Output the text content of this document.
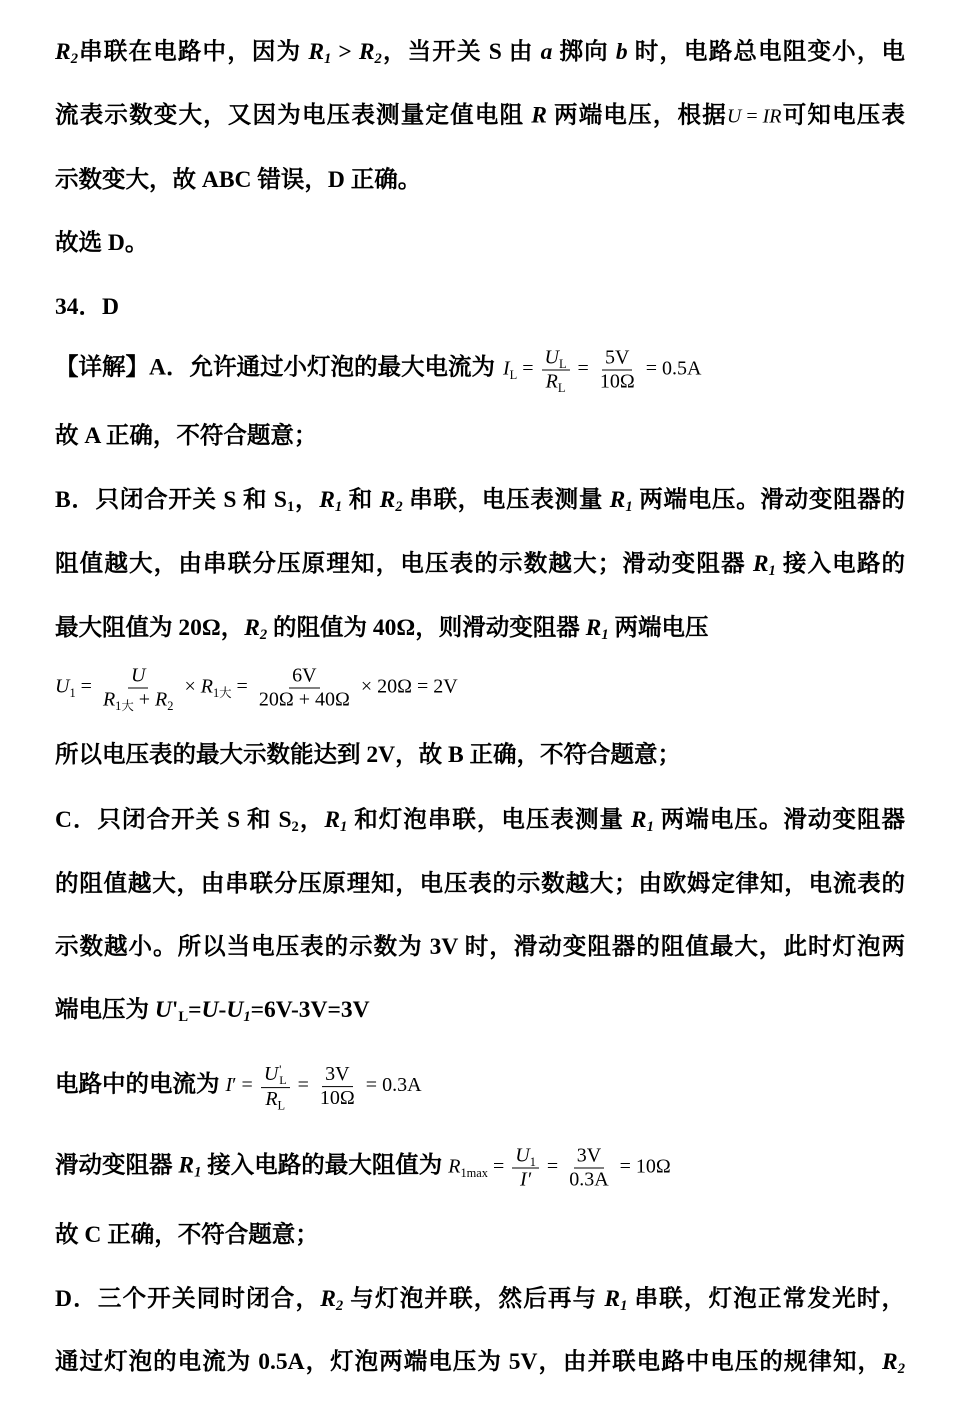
R2串联在电路中，因为 R1 > R2，当开关 S 由 a 掷向 b 时，电路总电阻变小，电
流表示数变大，又因为电压表测量定值电阻 R 两端电压，根据U = IR可知电压表
示数变大，故 ABC 错误，D 正确。
故选 D。
34．D
【详解】A．允许通过小灯泡的最大电流为 $I_L = \frac{U_L}{R_L} = \frac{5V}{10\Omega} = 0.5A$
故 A 正确，不符合题意；
B．只闭合开关 S 和 S1，R1 和 R2 串联，电压表测量 R1 两端电压。滑动变阻器的
阻值越大，由串联分压原理知，电压表的示数越大；滑动变阻器 R1 接入电路的
最大阻值为 20Ω，R2 的阻值为 40Ω，则滑动变阻器 R1 两端电压
$U_1 = \frac{U}{R_{1大} + R_2} \times R_{1大} = \frac{6V}{20\Omega + 40\Omega} \times 20\Omega = 2V$
所以电压表的最大示数能达到 2V，故 B 正确，不符合题意；
C．只闭合开关 S 和 S2，R1 和灯泡串联，电压表测量 R1 两端电压。滑动变阻器
的阻值越大，由串联分压原理知，电压表的示数越大；由欧姆定律知，电流表的
示数越小。所以当电压表的示数为 3V 时，滑动变阻器的阻值最大，此时灯泡两
端电压为 U'L=U-U1=6V-3V=3V
电路中的电流为 I′ = U '
L
$R_L = \frac{3V}{10\Omega} = 0.3A$
滑动变阻器 R1 接入电路的最大阻值为 $R_{1max} = \frac{U_1}{I'} = \frac{3V}{0.3A} = 10\Omega$
故 C 正确，不符合题意；
D．三个开关同时闭合，R2 与灯泡并联，然后再与 R1 串联，灯泡正常发光时，
通过灯泡的电流为 0.5A，灯泡两端电压为 5V，由并联电路中电压的规律知，R2
